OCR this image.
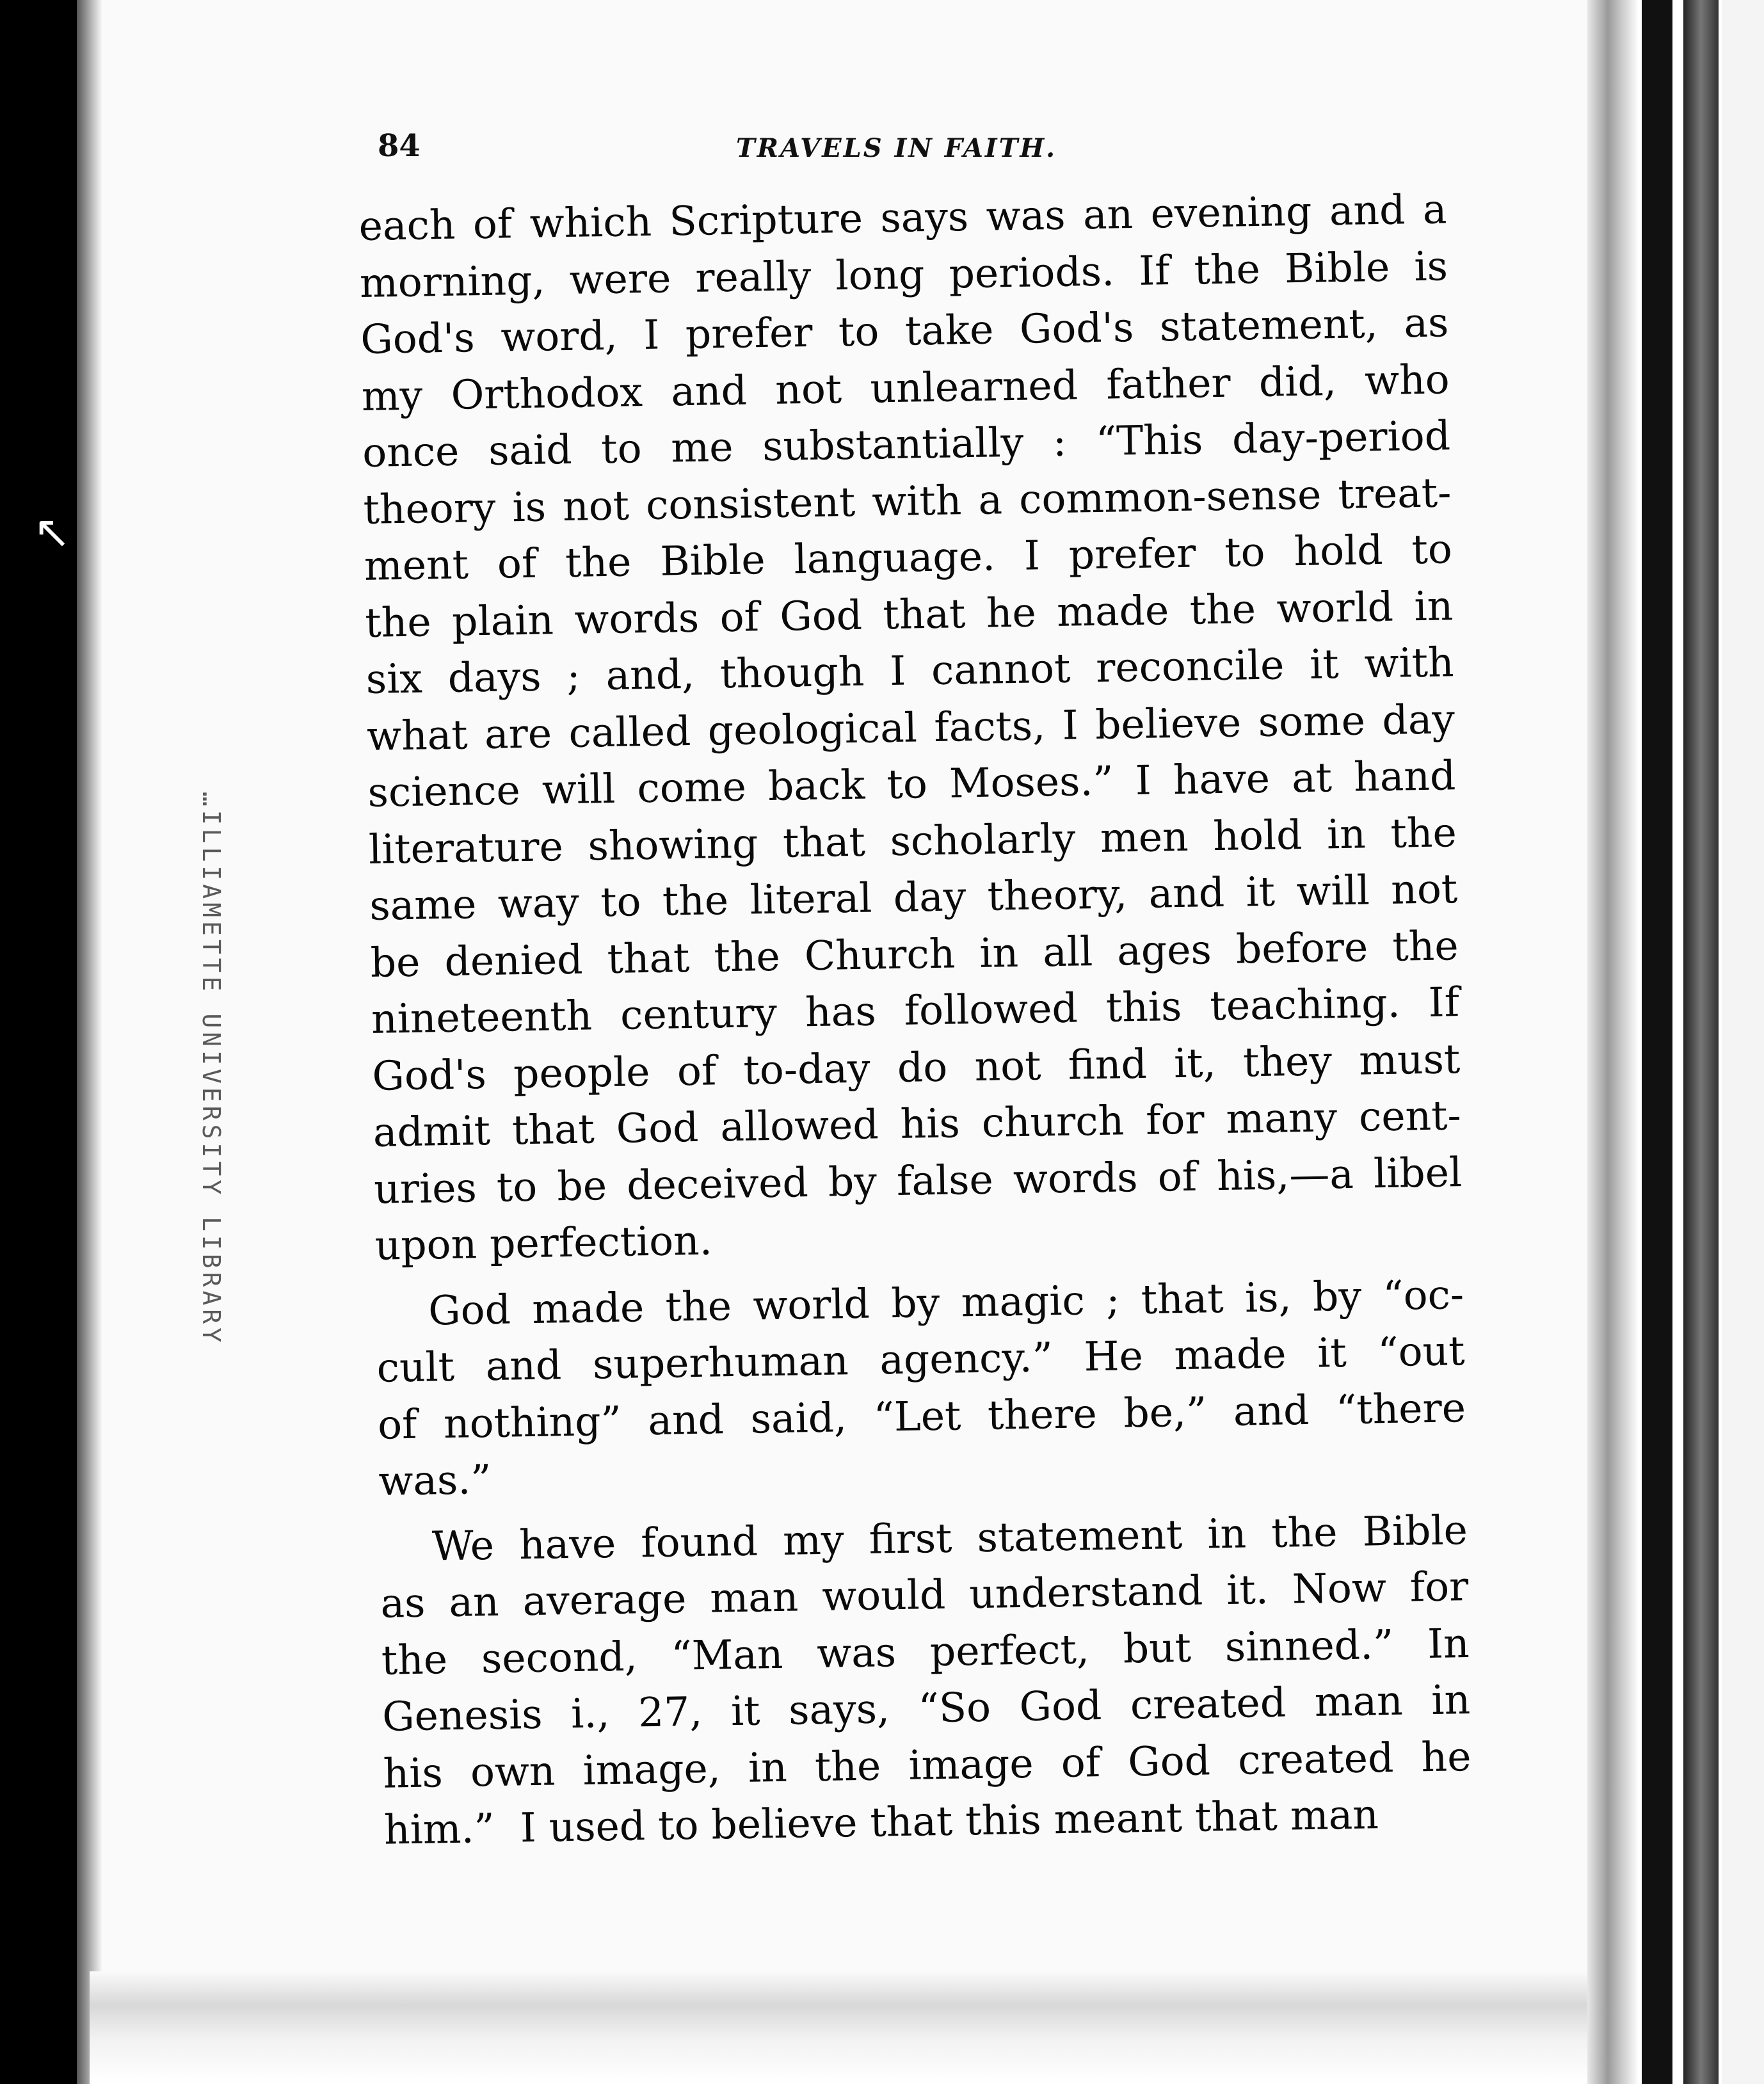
↖
…ILLIAMETTE UNIVERSITY LIBRARY
84	TRAVELS IN FAITH.
each of which Scripture says was an evening and a
morning, were really long periods. If the Bible is
God's word, I prefer to take God's statement, as
my Orthodox and not unlearned father did, who
once said to me substantially : “This day-period
theory is not consistent with a common-sense treat-
ment of the Bible language. I prefer to hold to
the plain words of God that he made the world in
six days ; and, though I cannot reconcile it with
what are called geological facts, I believe some day
science will come back to Moses.” I have at hand
literature showing that scholarly men hold in the
same way to the literal day theory, and it will not
be denied that the Church in all ages before the
nineteenth century has followed this teaching. If
God's people of to-day do not find it, they must
admit that God allowed his church for many cent-
uries to be deceived by false words of his,—a libel
upon perfection.
God made the world by magic ; that is, by “oc-
cult and superhuman agency.” He made it “out
of nothing” and said, “Let there be,” and “there
was.”
We have found my first statement in the Bible
as an average man would understand it. Now for
the second, “Man was perfect, but sinned.” In
Genesis i., 27, it says, “So God created man in
his own image, in the image of God created he
him.”  I used to believe that this meant that man
